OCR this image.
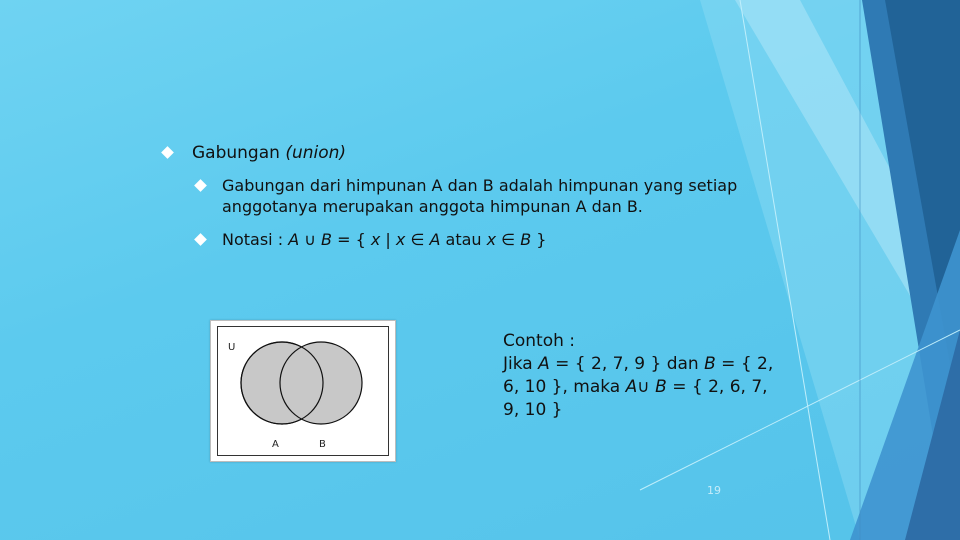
Gabungan (union)
Gabungan dari himpunan A dan B adalah himpunan yang setiap anggotanya merupakan anggota himpunan A dan B.
Notasi : A ∪ B = { x | x ∈ A atau x ∈ B }
U
A	B
Contoh :
Jika A = { 2, 7, 9 } dan B = { 2, 6, 10 }, maka A∪ B = { 2, 6, 7, 9, 10 }
19
